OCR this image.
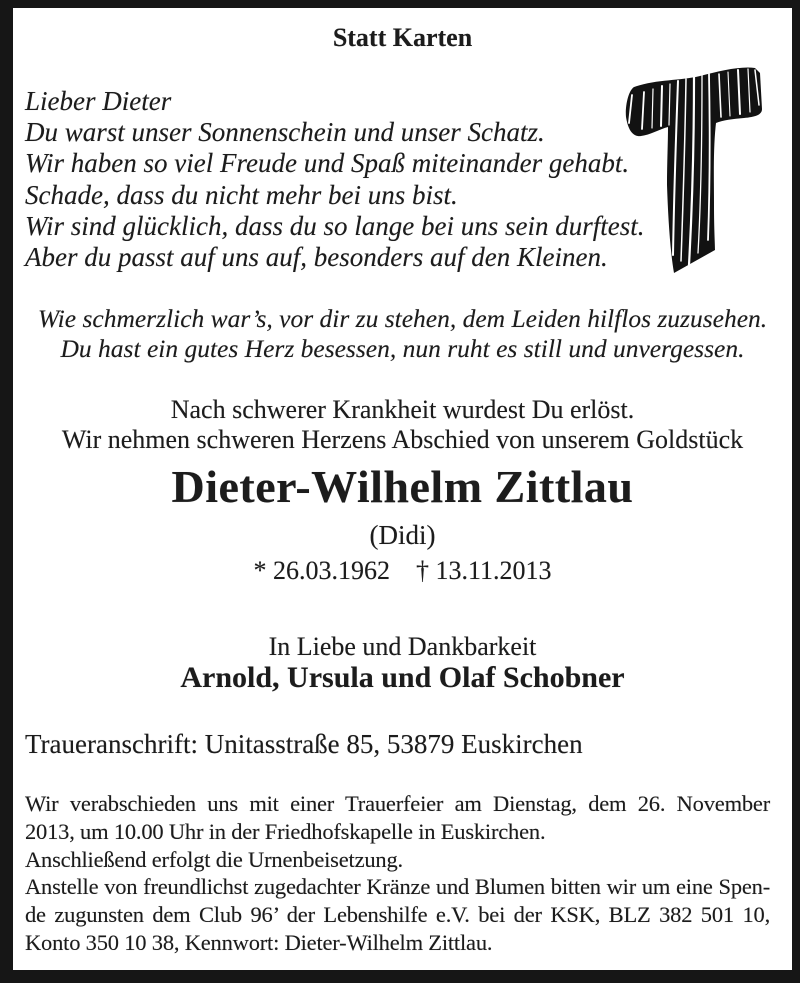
Statt Karten
Lieber Dieter
Du warst unser Sonnenschein und unser Schatz.
Wir haben so viel Freude und Spaß miteinander gehabt.
Schade, dass du nicht mehr bei uns bist.
Wir sind glücklich, dass du so lange bei uns sein durftest.
Aber du passt auf uns auf, besonders auf den Kleinen.
Wie schmerzlich war’s, vor dir zu stehen, dem Leiden hilflos zuzusehen.
Du hast ein gutes Herz besessen, nun ruht es still und unvergessen.
Nach schwerer Krankheit wurdest Du erlöst.
Wir nehmen schweren Herzens Abschied von unserem Goldstück
Dieter-Wilhelm Zittlau
(Didi)
* 26.03.1962 † 13.11.2013
In Liebe und Dankbarkeit
Arnold, Ursula und Olaf Schobner
Traueranschrift: Unitasstraße 85, 53879 Euskirchen
Wir verabschieden uns mit einer Trauerfeier am Dienstag, dem 26. November
2013, um 10.00 Uhr in der Friedhofskapelle in Euskirchen.
Anschließend erfolgt die Urnenbeisetzung.
Anstelle von freundlichst zugedachter Kränze und Blumen bitten wir um eine Spen-
de zugunsten dem Club 96’ der Lebenshilfe e.V. bei der KSK, BLZ 382 501 10,
Konto 350 10 38, Kennwort: Dieter-Wilhelm Zittlau.
